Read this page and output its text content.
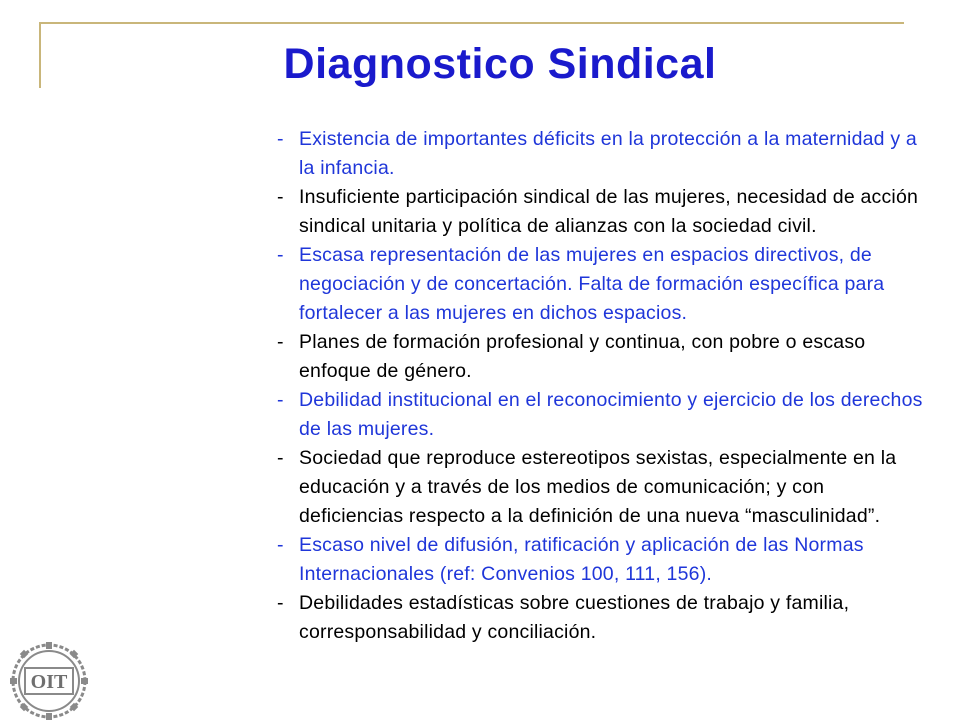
Diagnostico Sindical
- Existencia de importantes déficits en la protección a la maternidad y a la infancia.
- Insuficiente participación sindical de las mujeres, necesidad de acción sindical unitaria y política de alianzas con la sociedad civil.
- Escasa representación de las mujeres en espacios directivos, de negociación y de concertación. Falta de formación específica para fortalecer a las mujeres en dichos espacios.
- Planes de formación profesional y continua, con pobre o escaso enfoque de género.
- Debilidad institucional en el reconocimiento y ejercicio de los derechos de las mujeres.
- Sociedad que reproduce estereotipos sexistas, especialmente en la educación y a través de los medios de comunicación; y con deficiencias respecto a la definición de una nueva “masculinidad”.
- Escaso nivel de difusión, ratificación y aplicación de las Normas Internacionales (ref: Convenios 100, 111, 156).
- Debilidades estadísticas sobre cuestiones de trabajo y familia, corresponsabilidad y conciliación.
OIT
